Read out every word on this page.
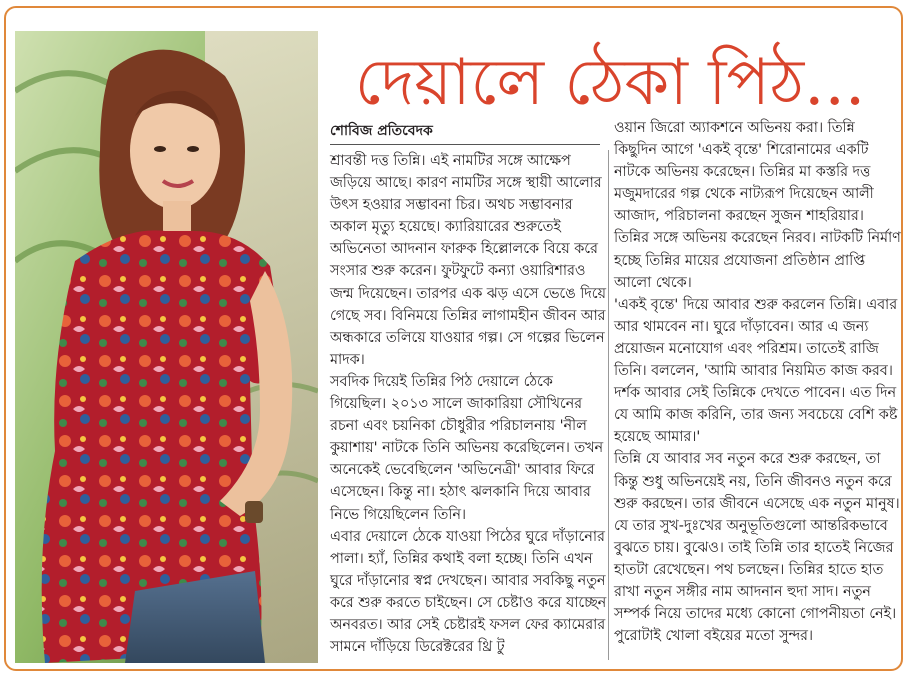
দেয়ালে ঠেকা পিঠ...
শোবিজ প্রতিবেদক

শ্রাবন্তী দত্ত তিন্নি। এই নামটির সঙ্গে আক্ষেপ জড়িয়ে আছে। কারণ নামটির সঙ্গে স্থায়ী আলোর উৎস হওয়ার সম্ভাবনা চির। অথচ সম্ভাবনার অকাল মৃত্যু হয়েছে। ক্যারিয়ারের শুরুতেই অভিনেতা আদনান ফারুক হিল্লোলকে বিয়ে করে সংসার শুরু করেন। ফুটফুটে কন্যা ওয়ারিশারও জন্ম দিয়েছেন। তারপর এক ঝড় এসে ভেঙে দিয়ে গেছে সব। বিনিময়ে তিন্নির লাগামহীন জীবন আর অন্ধকারে তলিয়ে যাওয়ার গল্প। সে গল্পের ভিলেন মাদক।

সবদিক দিয়েই তিন্নির পিঠ দেয়ালে ঠেকে গিয়েছিল। ২০১৩ সালে জাকারিয়া সৌখিনের রচনা এবং চয়নিকা চৌধুরীর পরিচালনায় 'নীল কুয়াশায়' নাটকে তিনি অভিনয় করেছিলেন। তখন অনেকেই ভেবেছিলেন 'অভিনেত্রী' আবার ফিরে এসেছেন। কিন্তু না। হঠাৎ ঝলকানি দিয়ে আবার নিভে গিয়েছিলেন তিনি।

এবার দেয়ালে ঠেকে যাওয়া পিঠের ঘুরে দাঁড়ানোর পালা। হ্যাঁ, তিন্নির কথাই বলা হচ্ছে। তিনি এখন ঘুরে দাঁড়ানোর স্বপ্ন দেখছেন। আবার সবকিছু নতুন করে শুরু করতে চাইছেন। সে চেষ্টাও করে যাচ্ছেন অনবরত। আর সেই চেষ্টারই ফসল ফের ক্যামেরার সামনে দাঁড়িয়ে ডিরেক্টরের থ্রি টু

ওয়ান জিরো অ্যাকশনে অভিনয় করা। তিন্নি কিছুদিন আগে 'একই বৃন্তে' শিরোনামের একটি নাটকে অভিনয় করেছেন। তিন্নির মা কস্তরি দত্ত মজুমদারের গল্প থেকে নাট্যরূপ দিয়েছেন আলী আজাদ, পরিচালনা করছেন সুজন শাহরিয়ার। তিন্নির সঙ্গে অভিনয় করেছেন নিরব। নাটকটি নির্মাণ হচ্ছে তিন্নির মায়ের প্রযোজনা প্রতিষ্ঠান প্রাপ্তি আলো থেকে।

'একই বৃন্তে' দিয়ে আবার শুরু করলেন তিন্নি। এবার আর থামবেন না। ঘুরে দাঁড়াবেন। আর এ জন্য প্রয়োজন মনোযোগ এবং পরিশ্রম। তাতেই রাজি তিনি। বললেন, 'আমি আবার নিয়মিত কাজ করব। দর্শক আবার সেই তিন্নিকে দেখতে পাবেন। এত দিন যে আমি কাজ করিনি, তার জন্য সবচেয়ে বেশি কষ্ট হয়েছে আমার।'

তিন্নি যে আবার সব নতুন করে শুরু করছেন, তা কিন্তু শুধু অভিনয়েই নয়, তিনি জীবনও নতুন করে শুরু করছেন। তার জীবনে এসেছে এক নতুন মানুষ। যে তার সুখ-দুঃখের অনুভূতিগুলো আন্তরিকভাবে বুঝতে চায়। বুঝেও। তাই তিন্নি তার হাতেই নিজের হাতটা রেখেছেন। পথ চলছেন। তিন্নির হাতে হাত রাখা নতুন সঙ্গীর নাম আদনান হুদা সাদ। নতুন সম্পর্ক নিয়ে তাদের মধ্যে কোনো গোপনীয়তা নেই। পুরোটাই খোলা বইয়ের মতো সুন্দর।
